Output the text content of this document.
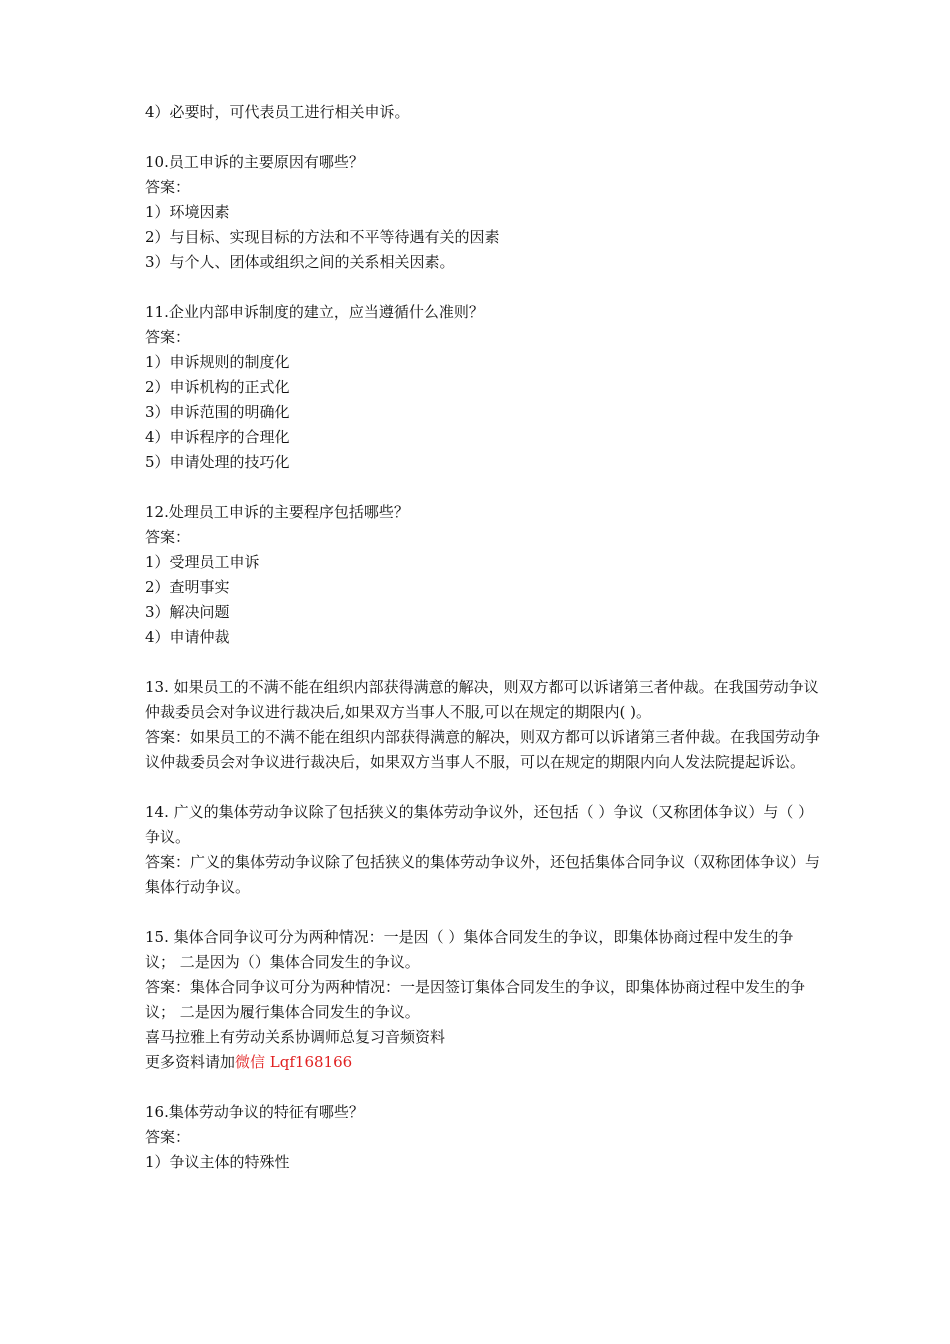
4）必要时，可代表员工进行相关申诉。
10.员工申诉的主要原因有哪些？
答案：
1）环境因素
2）与目标、实现目标的方法和不平等待遇有关的因素
3）与个人、团体或组织之间的关系相关因素。
11.企业内部申诉制度的建立，应当遵循什么准则？
答案：
1）申诉规则的制度化
2）申诉机构的正式化
3）申诉范围的明确化
4）申诉程序的合理化
5）申请处理的技巧化
12.处理员工申诉的主要程序包括哪些？
答案：
1）受理员工申诉
2）查明事实
3）解决问题
4）申请仲裁
13. 如果员工的不满不能在组织内部获得满意的解决，则双方都可以诉诸第三者仲裁。在我国劳动争议仲裁委员会对争议进行裁决后,如果双方当事人不服,可以在规定的期限内( )。
答案：如果员工的不满不能在组织内部获得满意的解决，则双方都可以诉诸第三者仲裁。在我国劳动争议仲裁委员会对争议进行裁决后，如果双方当事人不服，可以在规定的期限内向人发法院提起诉讼。
14. 广义的集体劳动争议除了包括狭义的集体劳动争议外，还包括（ ）争议（又称团体争议）与（ ）争议。
答案：广义的集体劳动争议除了包括狭义的集体劳动争议外，还包括集体合同争议（双称团体争议）与集体行动争议。
15. 集体合同争议可分为两种情况：一是因（ ）集体合同发生的争议，即集体协商过程中发生的争议； 二是因为（）集体合同发生的争议。
答案：集体合同争议可分为两种情况：一是因签订集体合同发生的争议，即集体协商过程中发生的争议； 二是因为履行集体合同发生的争议。
喜马拉雅上有劳动关系协调师总复习音频资料
更多资料请加微信 Lqf168166
16.集体劳动争议的特征有哪些？
答案：
1）争议主体的特殊性
